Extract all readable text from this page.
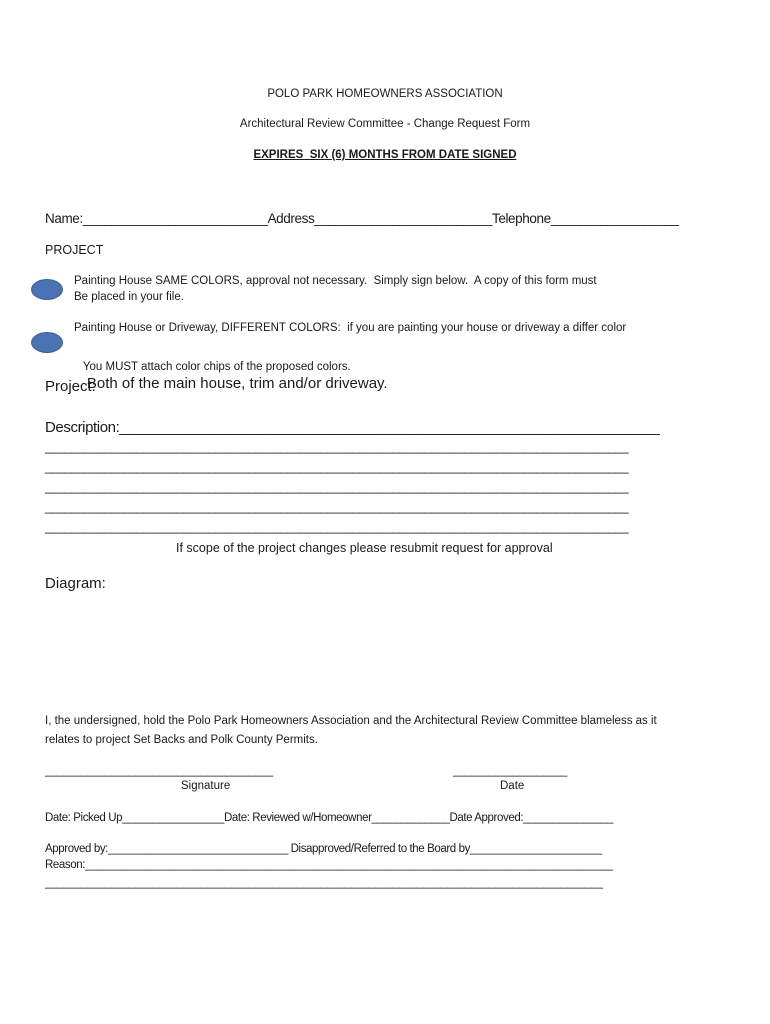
POLO PARK HOMEOWNERS ASSOCIATION
Architectural Review Committee - Change Request Form
EXPIRES  SIX (6) MONTHS FROM DATE SIGNED
Name:__________________________Address_________________________Telephone__________________
PROJECT
Painting House SAME COLORS, approval not necessary.  Simply sign below.  A copy of this form must
Be placed in your file.
Painting House or Driveway, DIFFERENT COLORS:  if you are painting your house or driveway a differ color

You MUST attach color chips of the proposed colors.
Both of the main house, trim and/or driveway.

Project:
Description:____________________________________________________________________
_________________________________________________________________________________________
_________________________________________________________________________________________
_________________________________________________________________________________________
_________________________________________________________________________________________
_________________________________________________________________________________________
If scope of the project changes please resubmit request for approval
Diagram:
I, the undersigned, hold the Polo Park Homeowners Association and the Architectural Review Committee blameless as it
relates to project Set Backs and Polk County Permits.
______________________________________
Signature
___________________
Date
Date: Picked Up_________________Date: Reviewed w/Homeowner_____________Date Approved:_______________
Approved by:______________________________ Disapproved/Referred to the Board by______________________
Reason:________________________________________________________________________________________
_____________________________________________________________________________________________
